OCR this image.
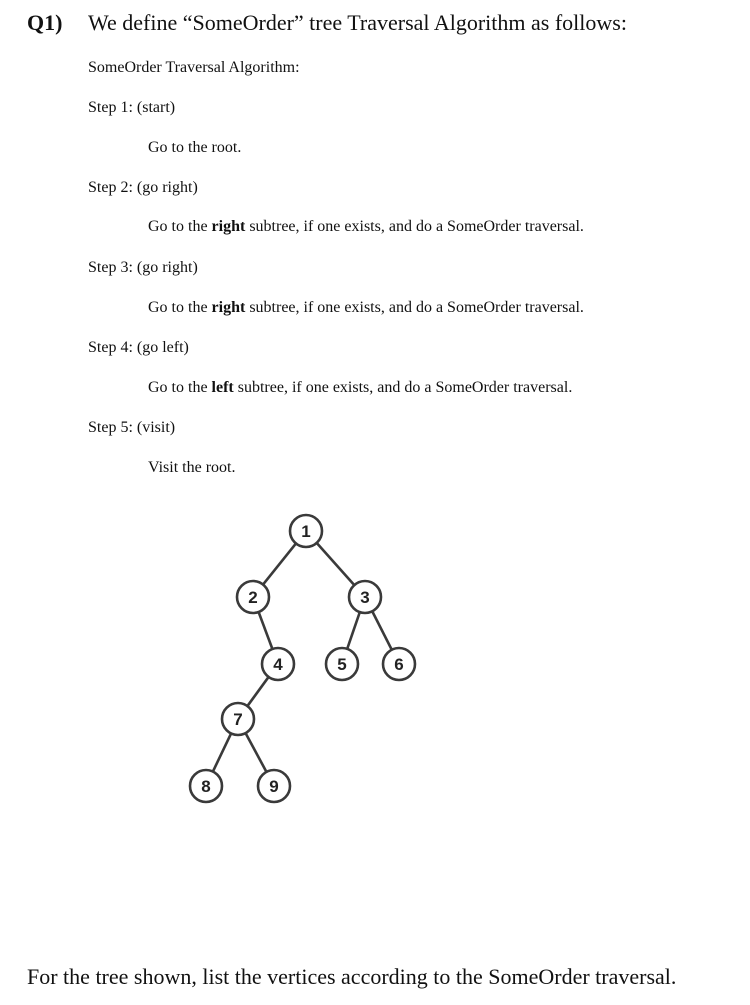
Q1) We define “SomeOrder” tree Traversal Algorithm as follows:
SomeOrder Traversal Algorithm:
Step 1: (start)
Go to the root.
Step 2: (go right)
Go to the right subtree, if one exists, and do a SomeOrder traversal.
Step 3: (go right)
Go to the right subtree, if one exists, and do a SomeOrder traversal.
Step 4: (go left)
Go to the left subtree, if one exists, and do a SomeOrder traversal.
Step 5: (visit)
Visit the root.
1
2	3
4	5	6
7
8	9
For the tree shown, list the vertices according to the SomeOrder traversal.
